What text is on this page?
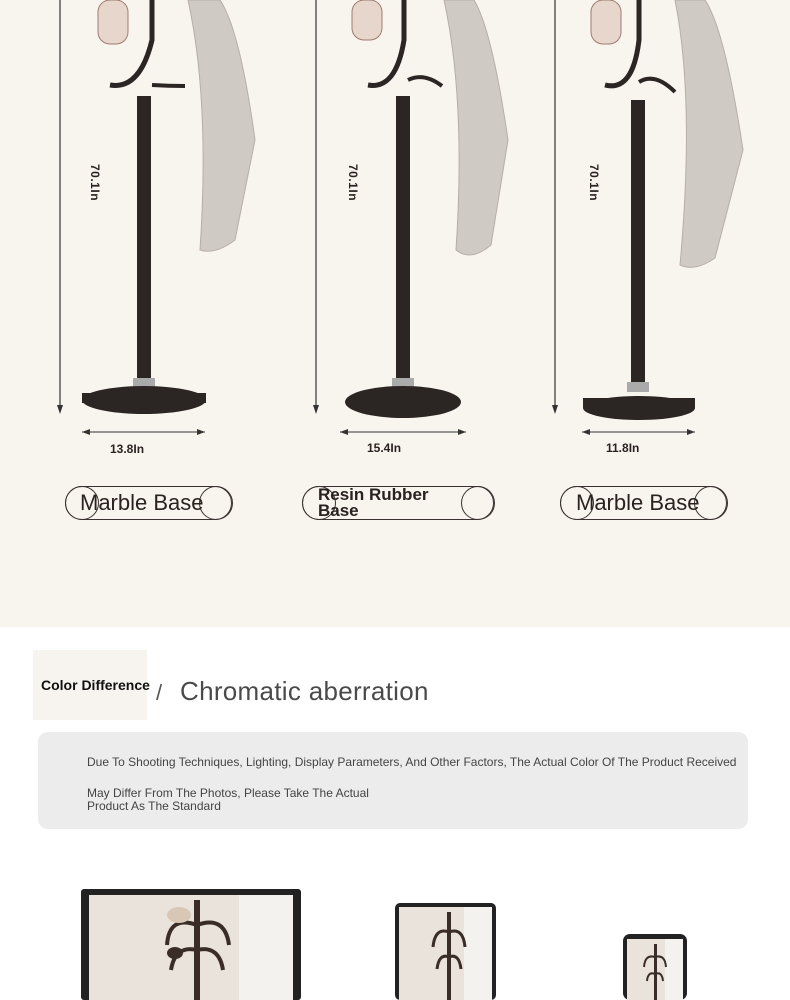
70.1In
13.8In
70.1In
15.4In
70.1In
11.8In
Marble Base	Resin Rubber Base	Marble Base
Color Difference / Chromatic aberration
Due To Shooting Techniques, Lighting, Display Parameters, And Other Factors, The Actual Color Of The Product Received
May Differ From The Photos, Please Take The Actual
Product As The Standard
